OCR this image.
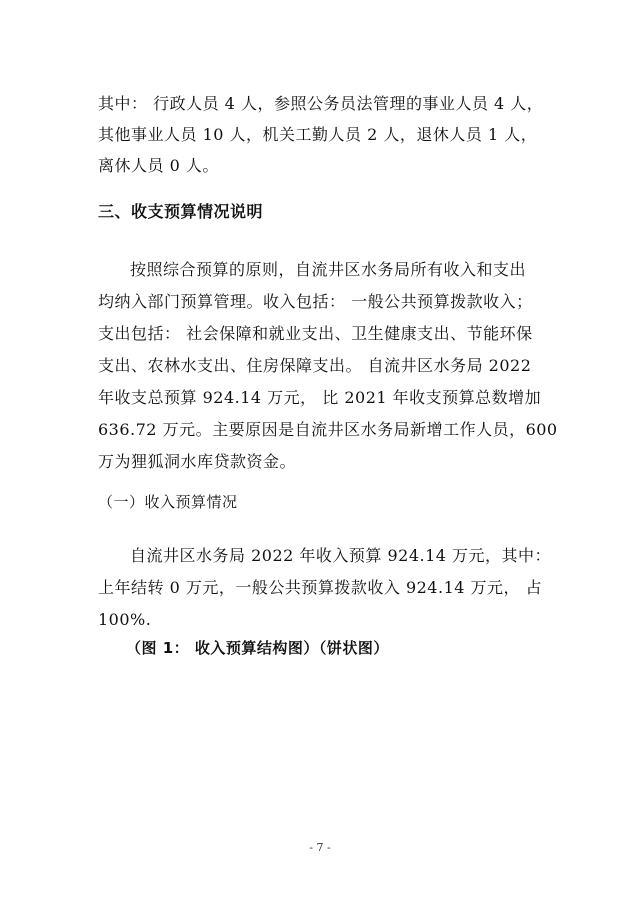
其中： 行政人员 4 人，参照公务员法管理的事业人员 4 人，
其他事业人员 10 人，机关工勤人员 2 人，退休人员 1 人，
离休人员 0 人。
三、收支预算情况说明
按照综合预算的原则，自流井区水务局所有收入和支出
均纳入部门预算管理。收入包括： 一般公共预算拨款收入；
支出包括： 社会保障和就业支出、卫生健康支出、节能环保
支出、农林水支出、住房保障支出。 自流井区水务局 2022
年收支总预算 924.14 万元， 比 2021 年收支预算总数增加
636.72 万元。主要原因是自流井区水务局新增工作人员，600
万为狸狐洞水库贷款资金。
（一）收入预算情况
自流井区水务局 2022 年收入预算 924.14 万元，其中：
上年结转 0 万元，一般公共预算拨款收入 924.14 万元， 占
100%.
（图 1： 收入预算结构图）（饼状图）
- 7 -
